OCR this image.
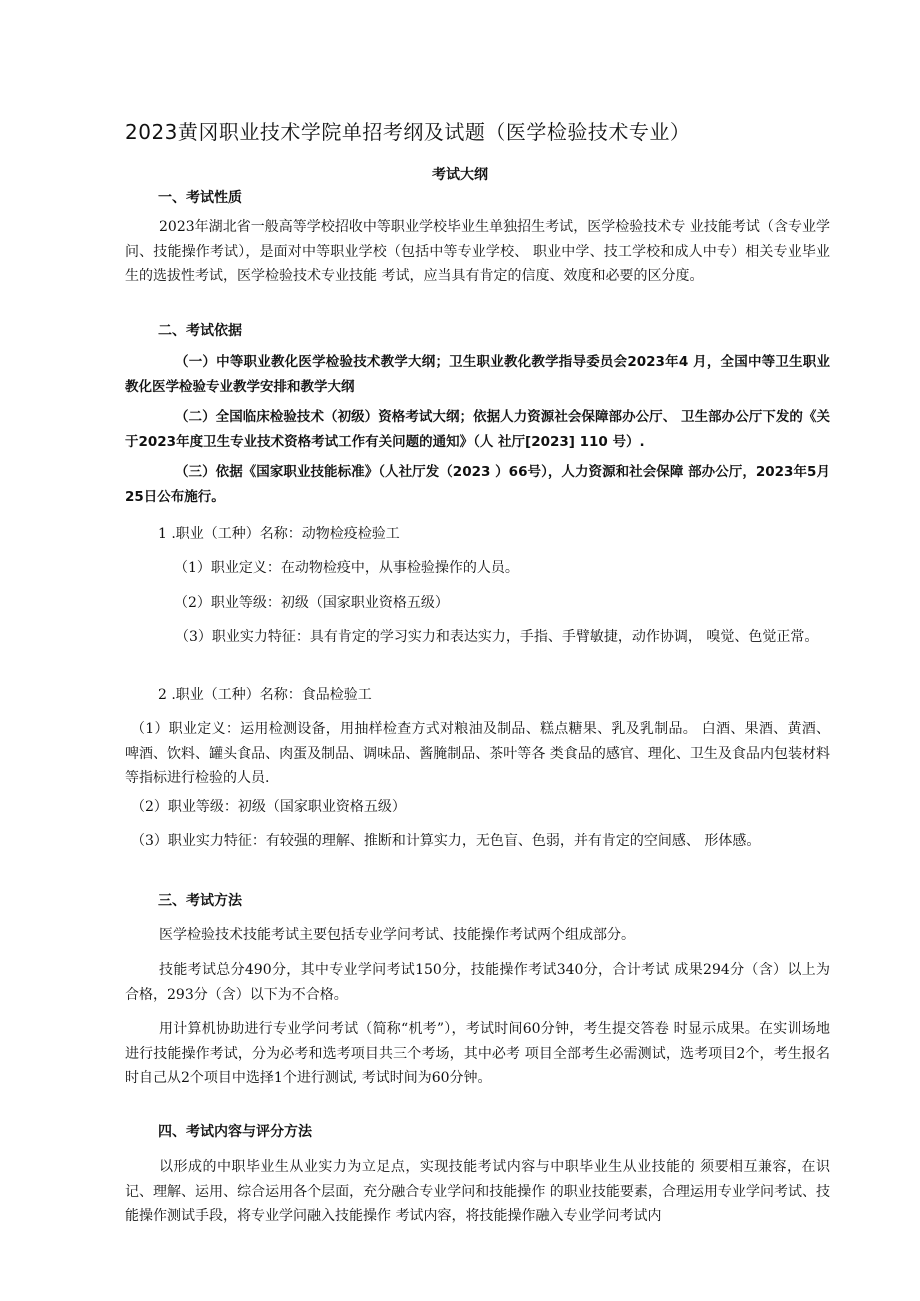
2023黄冈职业技术学院单招考纲及试题（医学检验技术专业）
考试大纲
一、考试性质
2023年湖北省一般高等学校招收中等职业学校毕业生单独招生考试，医学检验技术专 业技能考试（含专业学问、技能操作考试），是面对中等职业学校（包括中等专业学校、 职业中学、技工学校和成人中专）相关专业毕业生的选拔性考试，医学检验技术专业技能 考试，应当具有肯定的信度、效度和必要的区分度。
二、考试依据
（一）中等职业教化医学检验技术教学大纲；卫生职业教化教学指导委员会2023年4 月，全国中等卫生职业教化医学检验专业教学安排和教学大纲
（二）全国临床检验技术（初级）资格考试大纲；依据人力资源社会保障部办公厅、 卫生部办公厅下发的《关于2023年度卫生专业技术资格考试工作有关问题的通知》（人 社厅[2023] 110 号）.
（三）依据《国家职业技能标准》（人社厅发（2023 ）66号），人力资源和社会保障 部办公厅，2023年5月25日公布施行。
1 .职业（工种）名称：动物检疫检验工
（1）职业定义：在动物检疫中，从事检验操作的人员。
（2）职业等级：初级（国家职业资格五级）
（3）职业实力特征：具有肯定的学习实力和表达实力，手指、手臂敏捷，动作协调， 嗅觉、色觉正常。
2 .职业（工种）名称：食品检验工
（1）职业定义：运用检测设备，用抽样检查方式对粮油及制品、糕点糖果、乳及乳制品。 白酒、果酒、黄酒、啤酒、饮料、罐头食品、肉蛋及制品、调味品、酱腌制品、茶叶等各 类食品的感官、理化、卫生及食品内包装材料等指标进行检验的人员.
（2）职业等级：初级（国家职业资格五级）
（3）职业实力特征：有较强的理解、推断和计算实力，无色盲、色弱，并有肯定的空间感、 形体感。
三、考试方法
医学检验技术技能考试主要包括专业学问考试、技能操作考试两个组成部分。
技能考试总分490分，其中专业学问考试150分，技能操作考试340分，合计考试 成果294分（含）以上为合格，293分（含）以下为不合格。
用计算机协助进行专业学问考试（简称“机考”），考试时间60分钟，考生提交答卷 时显示成果。在实训场地进行技能操作考试，分为必考和选考项目共三个考场，其中必考 项目全部考生必需测试，选考项目2个，考生报名时自己从2个项目中选择1个进行测试, 考试时间为60分钟。
四、考试内容与评分方法
以形成的中职毕业生从业实力为立足点，实现技能考试内容与中职毕业生从业技能的 须要相互兼容，在识记、理解、运用、综合运用各个层面，充分融合专业学问和技能操作 的职业技能要素，合理运用专业学问考试、技能操作测试手段，将专业学问融入技能操作 考试内容，将技能操作融入专业学问考试内
